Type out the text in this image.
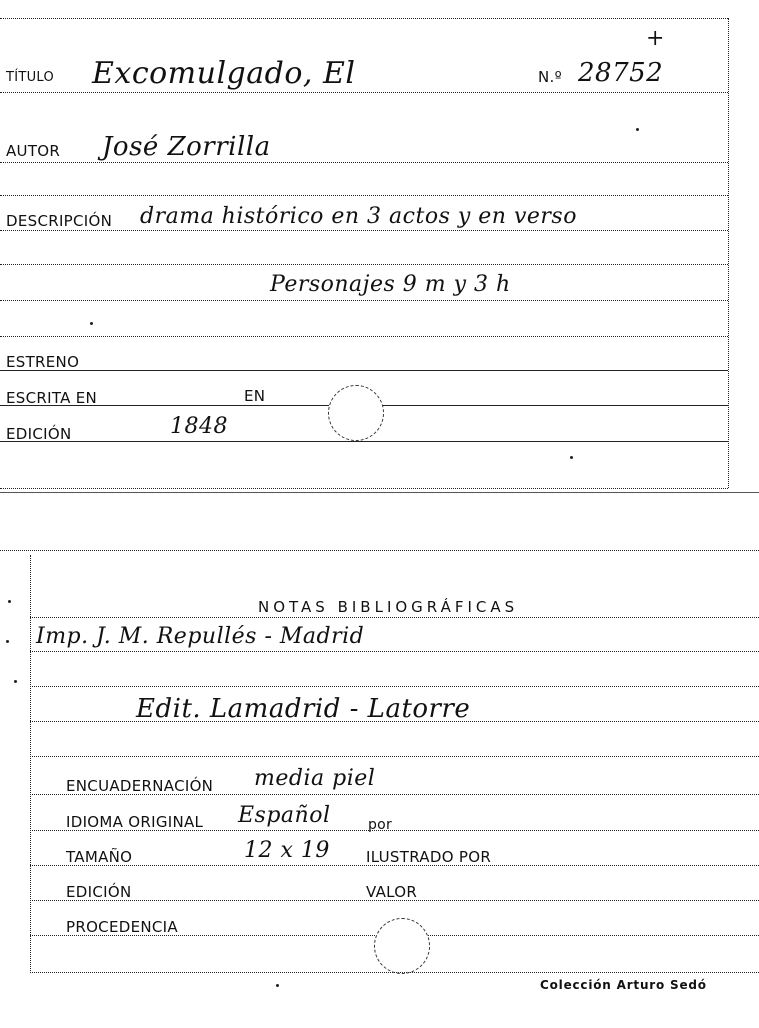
TÍTULO Excomulgado, El	N.º 28752
+
AUTOR José Zorrilla
DESCRIPCIÓN drama histórico en 3 actos y en verso
Personajes 9 m y 3 h
ESTRENO
ESCRITA EN	EN
EDICIÓN	1848
NOTAS BIBLIOGRÁFICAS
Imp. J. M. Repullés - Madrid
Edit. Lamadrid - Latorre
ENCUADERNACIÓN media piel
IDIOMA ORIGINAL Español	por
TAMAÑO	12 x 19 ILUSTRADO POR
EDICIÓN	VALOR
PROCEDENCIA
Colección Arturo Sedó
